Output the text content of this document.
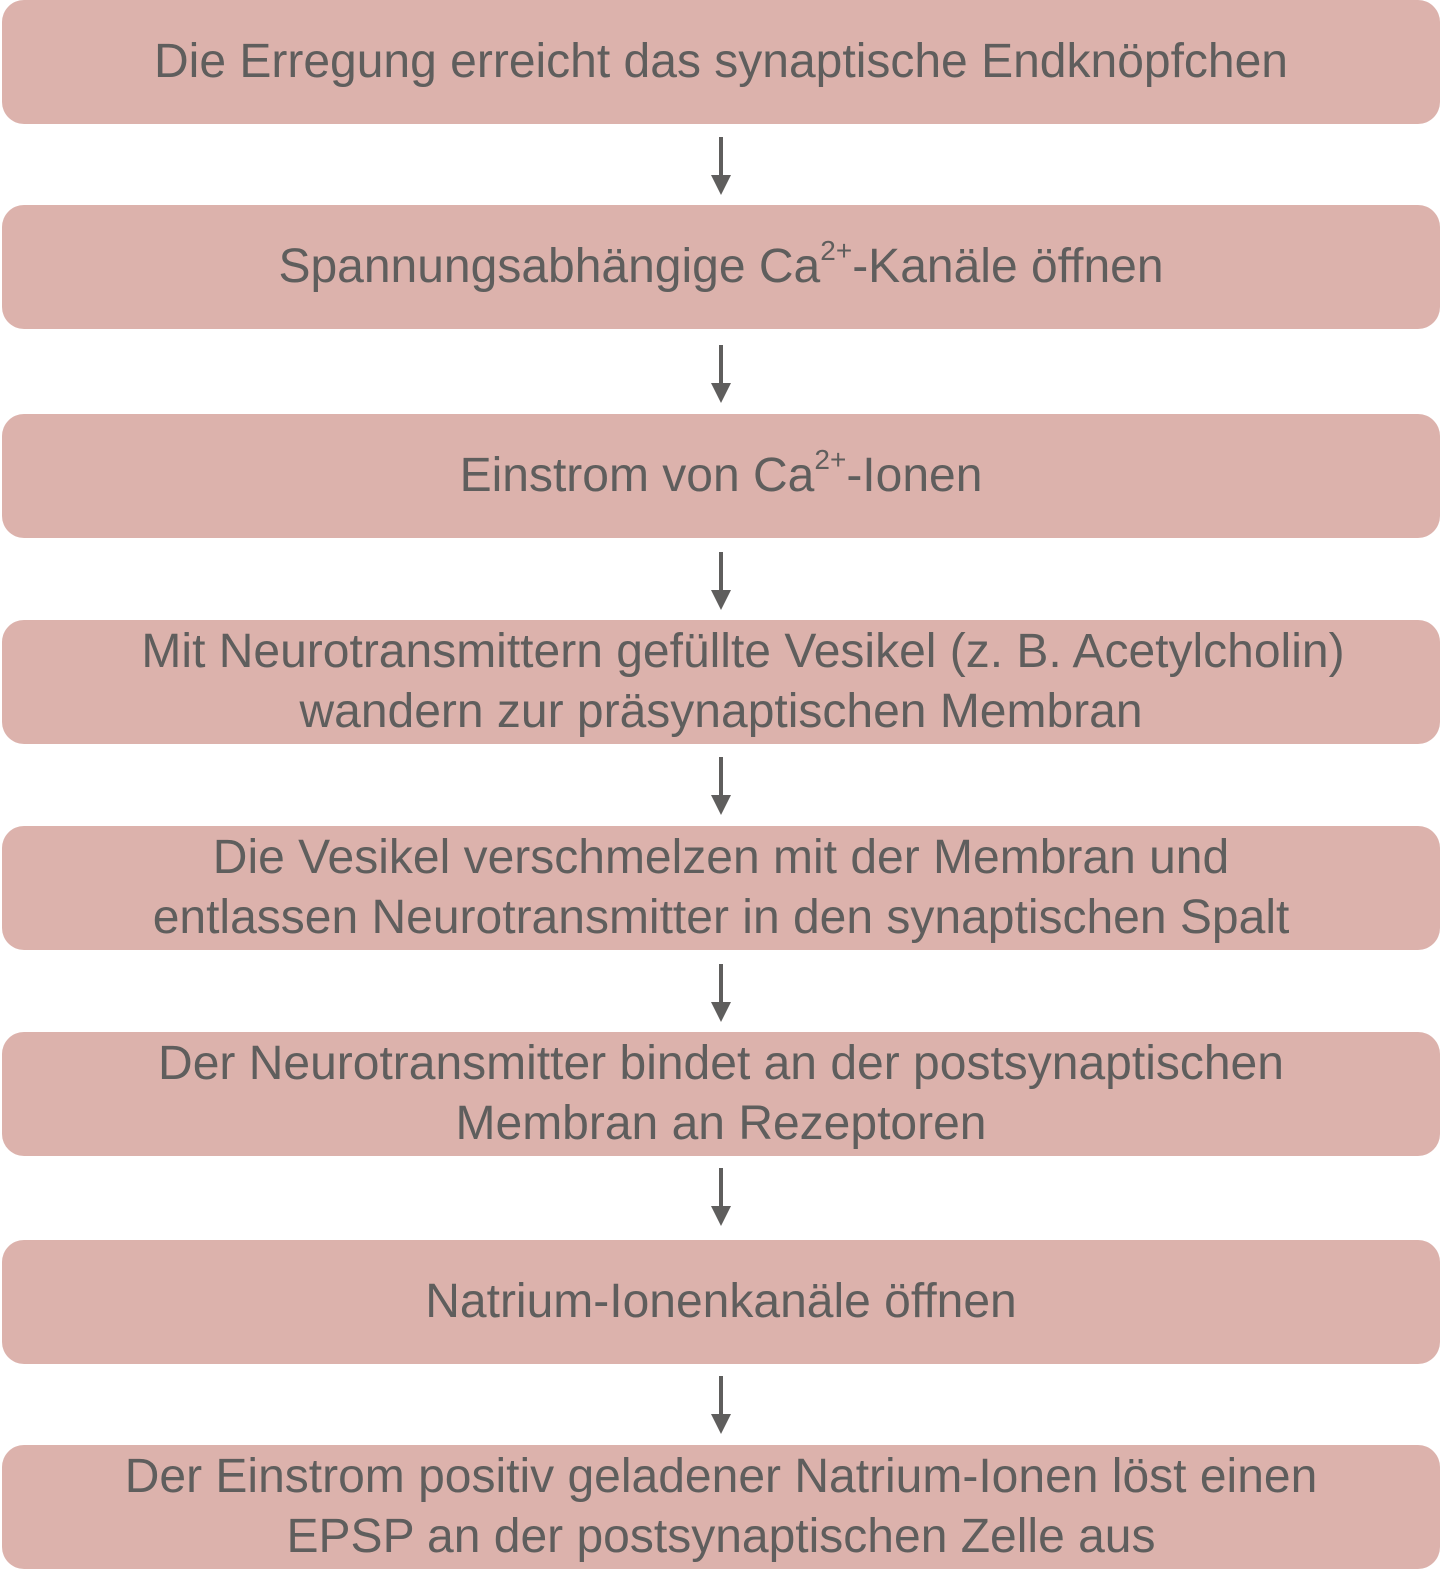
Die Erregung erreicht das synaptische Endknöpfchen
Spannungsabhängige $Ca^{2+}$-Kanäle öffnen
Einstrom von $Ca^{2+}$-Ionen
Mit Neurotransmittern gefüllte Vesikel (z. B. Acetylcholin)
wandern zur präsynaptischen Membran
Die Vesikel verschmelzen mit der Membran und
entlassen Neurotransmitter in den synaptischen Spalt
Der Neurotransmitter bindet an der postsynaptischen
Membran an Rezeptoren
Natrium-Ionenkanäle öffnen
Der Einstrom positiv geladener Natrium-Ionen löst einen
EPSP an der postsynaptischen Zelle aus
